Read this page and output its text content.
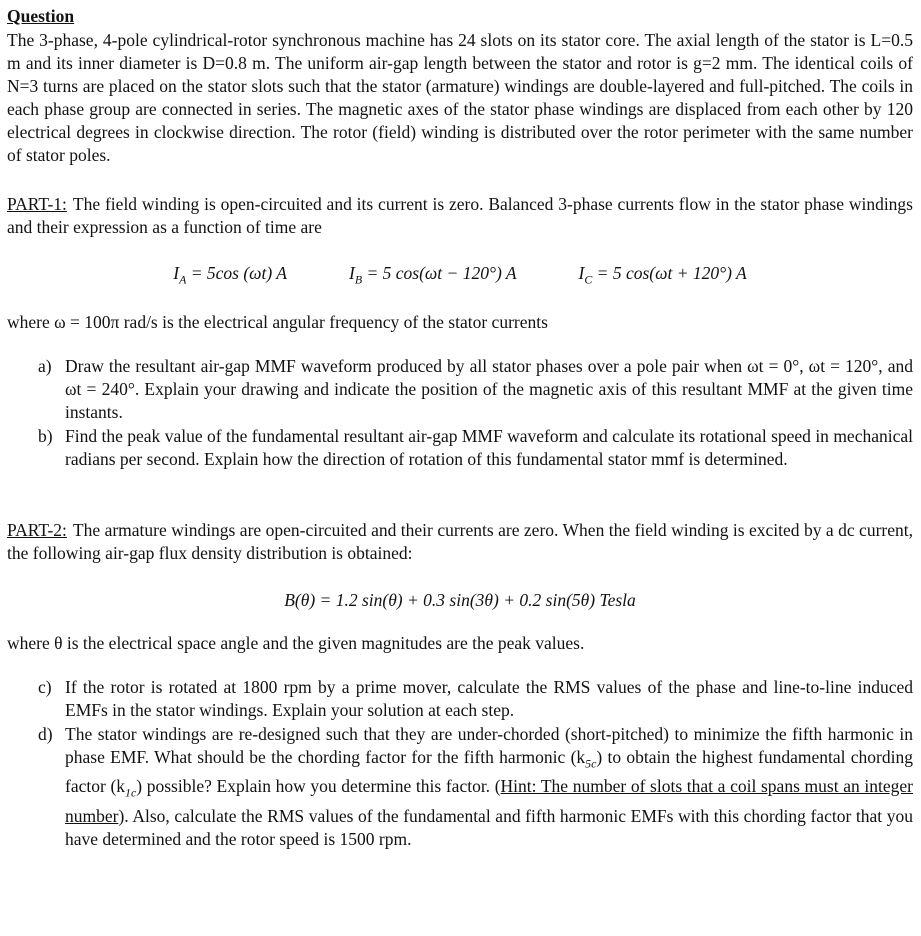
Question

The 3-phase, 4-pole cylindrical-rotor synchronous machine has 24 slots on its stator core. The axial length of the stator is L=0.5 m and its inner diameter is D=0.8 m. The uniform air-gap length between the stator and rotor is g=2 mm. The identical coils of N=3 turns are placed on the stator slots such that the stator (armature) windings are double-layered and full-pitched. The coils in each phase group are connected in series. The magnetic axes of the stator phase windings are displaced from each other by 120 electrical degrees in clockwise direction. The rotor (field) winding is distributed over the rotor perimeter with the same number of stator poles.

PART-1: The field winding is open-circuited and its current is zero. Balanced 3-phase currents flow in the stator phase windings and their expression as a function of time are

$I_A = 5\cos$ (ωt) A	$I_B = 5$ cos(ωt − 120°) A	$I_C = 5$ cos(ωt + 120°) A

where ω = 100π rad/s is the electrical angular frequency of the stator currents

a) Draw the resultant air-gap MMF waveform produced by all stator phases over a pole pair when ωt = 0°, ωt = 120°, and ωt = 240°. Explain your drawing and indicate the position of the magnetic axis of this resultant MMF at the given time instants.
b) Find the peak value of the fundamental resultant air-gap MMF waveform and calculate its rotational speed in mechanical radians per second. Explain how the direction of rotation of this fundamental stator mmf is determined.

PART-2: The armature windings are open-circuited and their currents are zero. When the field winding is excited by a dc current, the following air-gap flux density distribution is obtained:

B(θ) = 1.2 sin(θ) + 0.3 sin(3θ) + 0.2 sin(5θ) Tesla

where θ is the electrical space angle and the given magnitudes are the peak values.

c) If the rotor is rotated at 1800 rpm by a prime mover, calculate the RMS values of the phase and line-to-line induced EMFs in the stator windings. Explain your solution at each step.
d) The stator windings are re-designed such that they are under-chorded (short-pitched) to minimize the fifth harmonic in phase EMF. What should be the chording factor for the fifth harmonic $(k_{5c})$ to obtain the highest fundamental chording factor $(k_{1c})$ possible? Explain how you determine this factor. (Hint: The number of slots that a coil spans must an integer number). Also, calculate the RMS values of the fundamental and fifth harmonic EMFs with this chording factor that you have determined and the rotor speed is 1500 rpm.
